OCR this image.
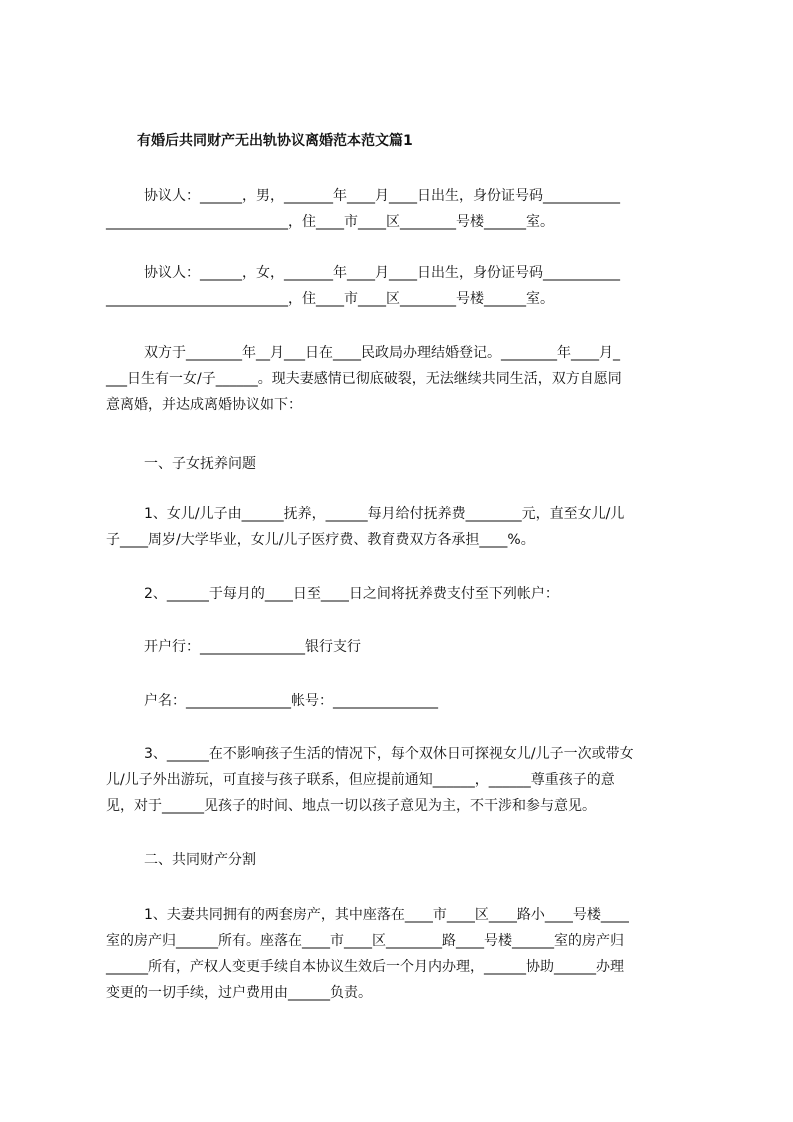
有婚后共同财产无出轨协议离婚范本范文篇1
协议人：______，男，_______年____月____日出生，身份证号码___________
__________________________，住____市____区________号楼______室。
协议人：______，女，_______年____月____日出生，身份证号码___________
__________________________，住____市____区________号楼______室。
双方于________年__月___日在____民政局办理结婚登记。________年____月_
___日生有一女/子______。现夫妻感情已彻底破裂，无法继续共同生活，双方自愿同
意离婚，并达成离婚协议如下：
一、子女抚养问题
1、女儿/儿子由______抚养，______每月给付抚养费________元，直至女儿/儿
子____周岁/大学毕业，女儿/儿子医疗费、教育费双方各承担____%。
2、______于每月的____日至____日之间将抚养费支付至下列帐户：
开户行：_______________银行支行
户名：_______________帐号：_______________
3、______在不影响孩子生活的情况下，每个双休日可探视女儿/儿子一次或带女
儿/儿子外出游玩，可直接与孩子联系，但应提前通知______，______尊重孩子的意
见，对于______见孩子的时间、地点一切以孩子意见为主，不干涉和参与意见。
二、共同财产分割
1、夫妻共同拥有的两套房产，其中座落在____市____区____路小____号楼____
室的房产归______所有。座落在____市____区________路____号楼______室的房产归
______所有，产权人变更手续自本协议生效后一个月内办理，______协助______办理
变更的一切手续，过户费用由______负责。
